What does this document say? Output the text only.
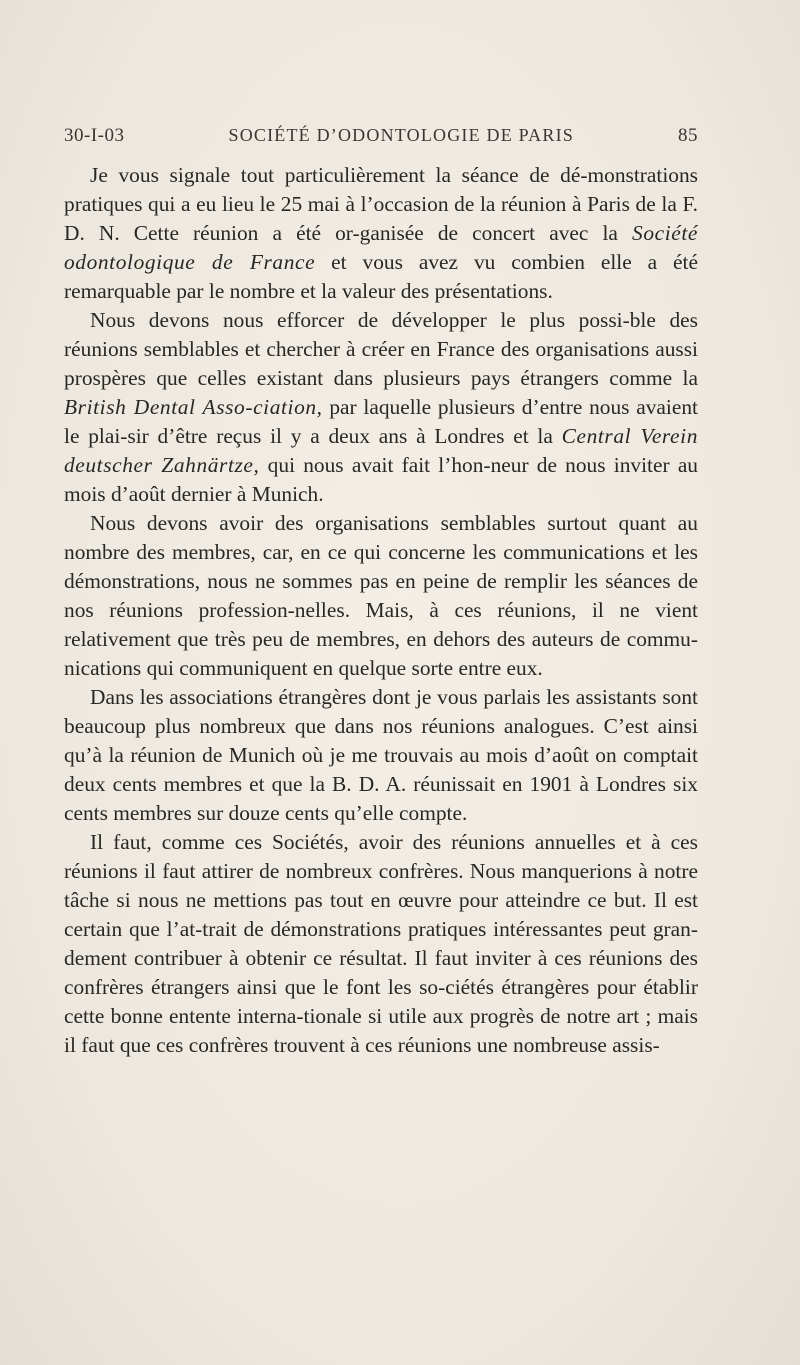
30-I-03	SOCIÉTÉ D’ODONTOLOGIE DE PARIS	85

Je vous signale tout particulièrement la séance de dé-monstrations pratiques qui a eu lieu le 25 mai à l’occasion de la réunion à Paris de la F. D. N. Cette réunion a été or-ganisée de concert avec la Société odontologique de France et vous avez vu combien elle a été remarquable par le nombre et la valeur des présentations.

Nous devons nous efforcer de développer le plus possi-ble des réunions semblables et chercher à créer en France des organisations aussi prospères que celles existant dans plusieurs pays étrangers comme la British Dental Asso-ciation, par laquelle plusieurs d’entre nous avaient le plai-sir d’être reçus il y a deux ans à Londres et la Central Verein deutscher Zahnärtze, qui nous avait fait l’hon-neur de nous inviter au mois d’août dernier à Munich.

Nous devons avoir des organisations semblables surtout quant au nombre des membres, car, en ce qui concerne les communications et les démonstrations, nous ne sommes pas en peine de remplir les séances de nos réunions profession-nelles. Mais, à ces réunions, il ne vient relativement que très peu de membres, en dehors des auteurs de commu-nications qui communiquent en quelque sorte entre eux.

Dans les associations étrangères dont je vous parlais les assistants sont beaucoup plus nombreux que dans nos réunions analogues. C’est ainsi qu’à la réunion de Munich où je me trouvais au mois d’août on comptait deux cents membres et que la B. D. A. réunissait en 1901 à Londres six cents membres sur douze cents qu’elle compte.

Il faut, comme ces Sociétés, avoir des réunions annuelles et à ces réunions il faut attirer de nombreux confrères. Nous manquerions à notre tâche si nous ne mettions pas tout en œuvre pour atteindre ce but. Il est certain que l’at-trait de démonstrations pratiques intéressantes peut gran-dement contribuer à obtenir ce résultat. Il faut inviter à ces réunions des confrères étrangers ainsi que le font les so-ciétés étrangères pour établir cette bonne entente interna-tionale si utile aux progrès de notre art ; mais il faut que ces confrères trouvent à ces réunions une nombreuse assis-
